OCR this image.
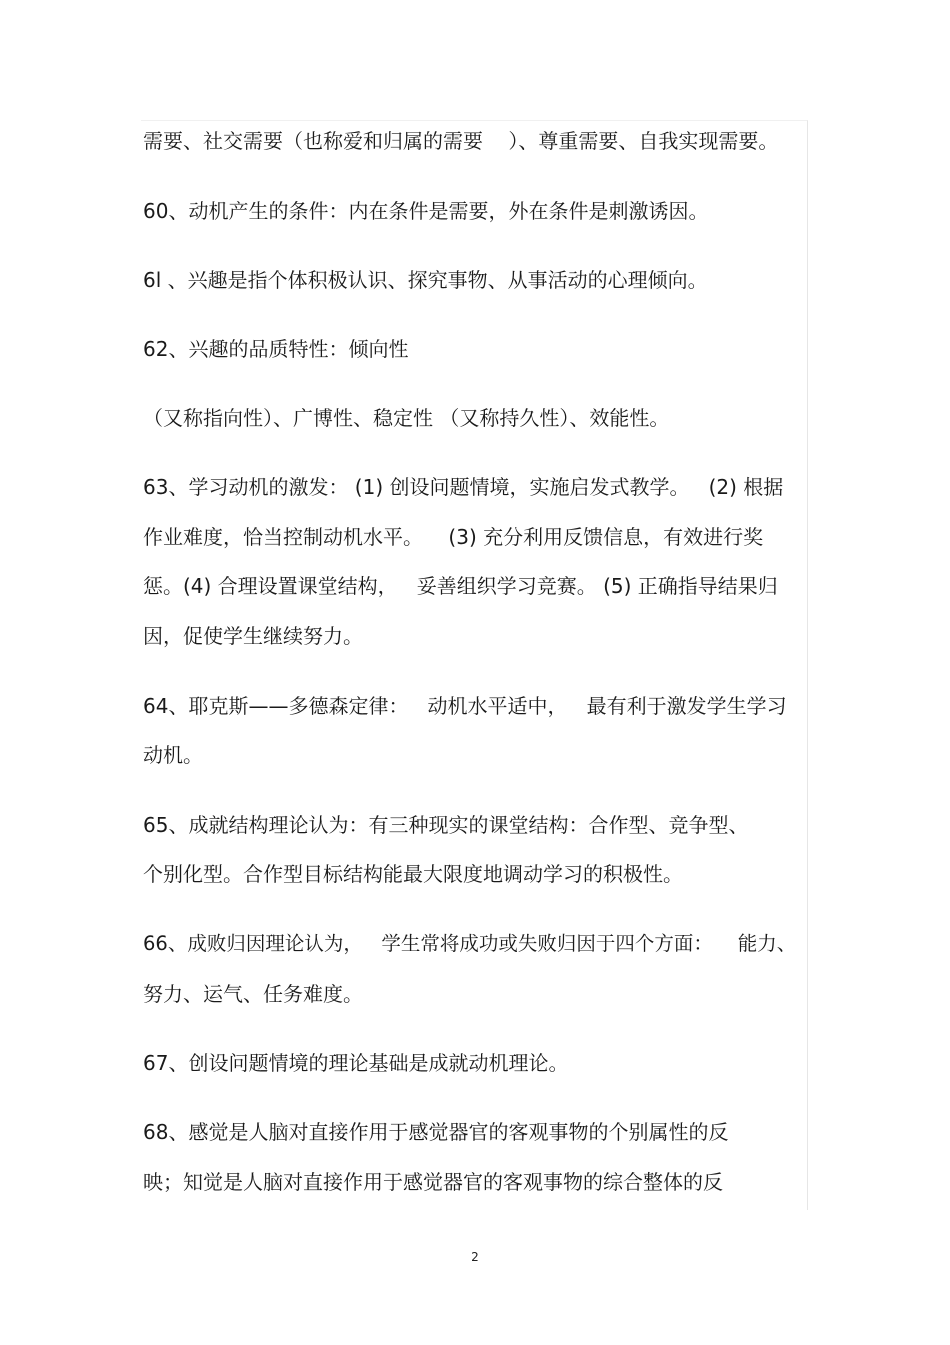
需要、社交需要（也称爱和归属的需要    ）、尊重需要、自我实现需要。
60、动机产生的条件：内在条件是需要，外在条件是刺激诱因。
6l 、兴趣是指个体积极认识、探究事物、从事活动的心理倾向。
62、兴趣的品质特性：倾向性
（又称指向性）、广博性、稳定性 （又称持久性）、效能性。
63、学习动机的激发： (1) 创设问题情境，实施启发式教学。   (2) 根据
作业难度，恰当控制动机水平。    (3) 充分利用反馈信息，有效进行奖
惩。(4) 合理设置课堂结构，   妥善组织学习竞赛。 (5) 正确指导结果归
因，促使学生继续努力。
64、耶克斯——多德森定律：   动机水平适中，   最有利于激发学生学习
动机。
65、成就结构理论认为：有三种现实的课堂结构：合作型、竞争型、
个别化型。合作型目标结构能最大限度地调动学习的积极性。
66、成败归因理论认为，   学生常将成功或失败归因于四个方面：    能力、
努力、运气、任务难度。
67、创设问题情境的理论基础是成就动机理论。
68、感觉是人脑对直接作用于感觉器官的客观事物的个别属性的反
映；知觉是人脑对直接作用于感觉器官的客观事物的综合整体的反
2
